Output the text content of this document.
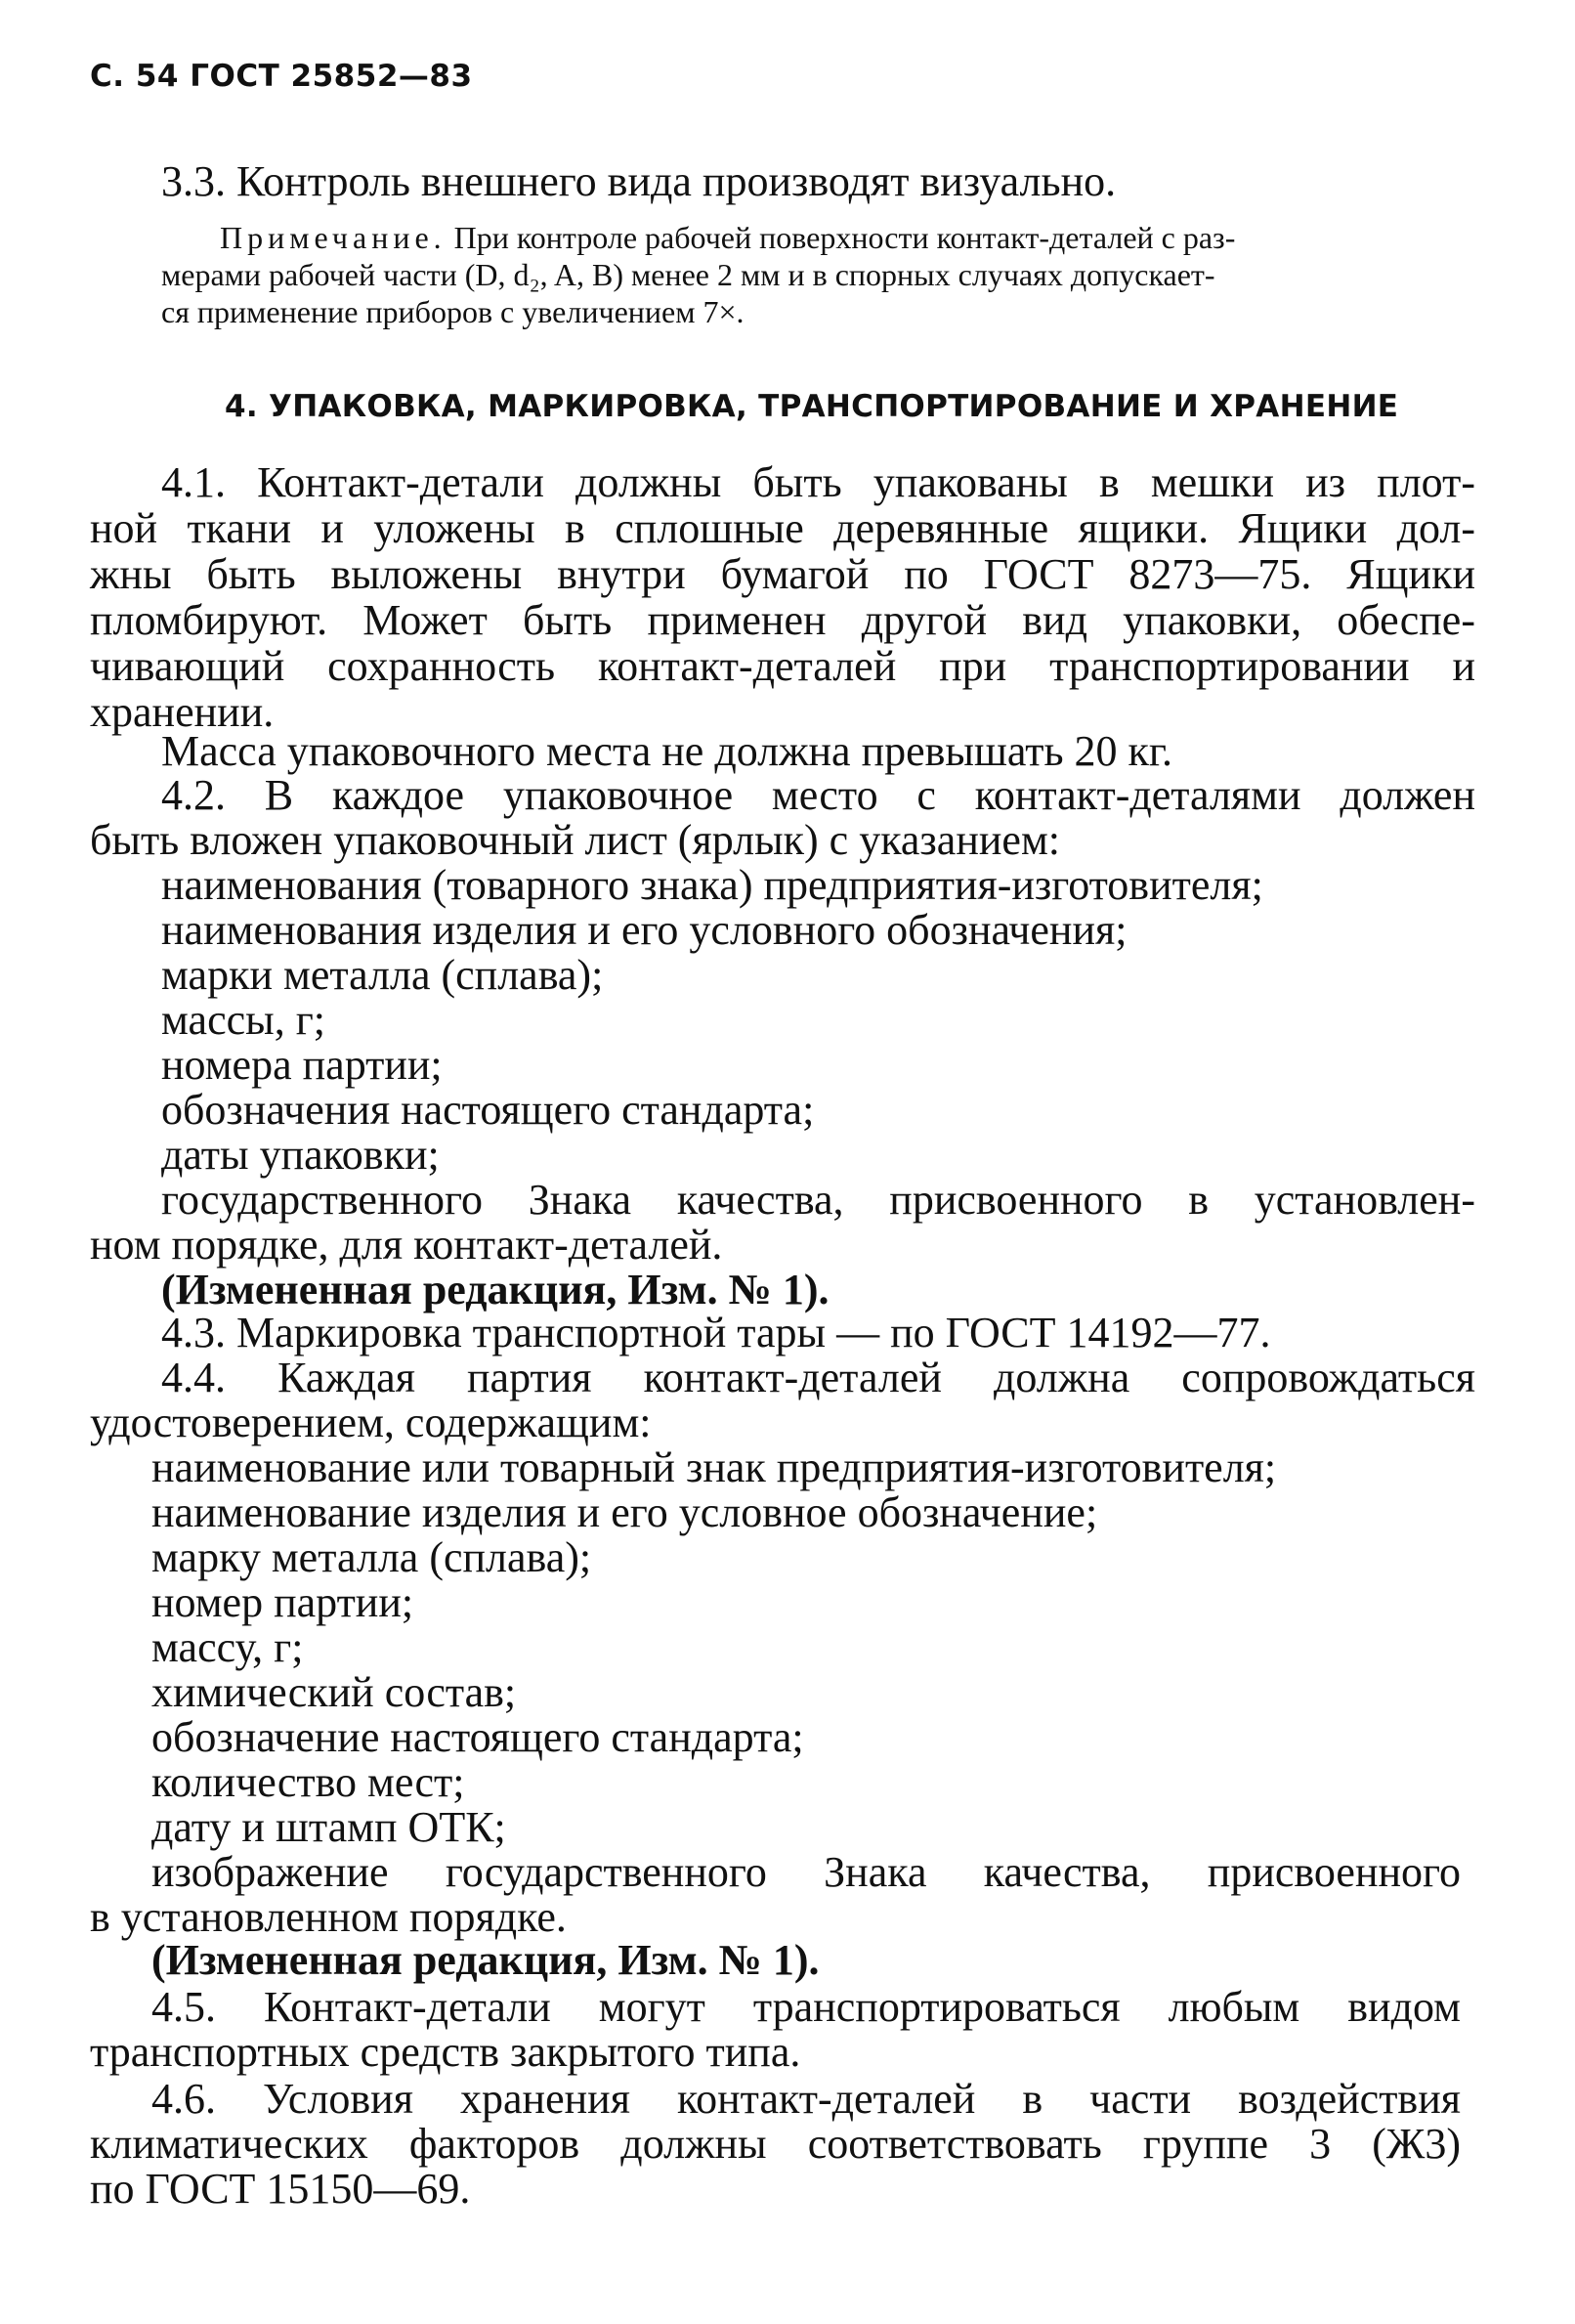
С. 54 ГОСТ 25852—83
3.3. Контроль внешнего вида производят визуально.
Примечание. При контроле рабочей поверхности контакт-деталей с раз-
мерами рабочей части (D, d₂, A, B) менее 2 мм и в спорных случаях допускает-
ся применение приборов с увеличением 7×.
4. УПАКОВКА, МАРКИРОВКА, ТРАНСПОРТИРОВАНИЕ И ХРАНЕНИЕ
4.1. Контакт-детали должны быть упакованы в мешки из плот-
ной ткани и уложены в сплошные деревянные ящики. Ящики дол-
жны быть выложены внутри бумагой по ГОСТ 8273—75. Ящики
пломбируют. Может быть применен другой вид упаковки, обеспе-
чивающий сохранность контакт-деталей при транспортировании и
хранении.
Масса упаковочного места не должна превышать 20 кг.
4.2. В каждое упаковочное место с контакт-деталями должен
быть вложен упаковочный лист (ярлык) с указанием:
наименования (товарного знака) предприятия-изготовителя;
наименования изделия и его условного обозначения;
марки металла (сплава);
массы, г;
номера партии;
обозначения настоящего стандарта;
даты упаковки;
государственного Знака качества, присвоенного в установлен-
ном порядке, для контакт-деталей.
(Измененная редакция, Изм. № 1).
4.3. Маркировка транспортной тары — по ГОСТ 14192—77.
4.4. Каждая партия контакт-деталей должна сопровождаться
удостоверением, содержащим:
наименование или товарный знак предприятия-изготовителя;
наименование изделия и его условное обозначение;
марку металла (сплава);
номер партии;
массу, г;
химический состав;
обозначение настоящего стандарта;
количество мест;
дату и штамп ОТК;
изображение государственного Знака качества, присвоенного
в установленном порядке.
(Измененная редакция, Изм. № 1).
4.5. Контакт-детали могут транспортироваться любым видом
транспортных средств закрытого типа.
4.6. Условия хранения контакт-деталей в части воздействия
климатических факторов должны соответствовать группе 3 (Ж3)
по ГОСТ 15150—69.
